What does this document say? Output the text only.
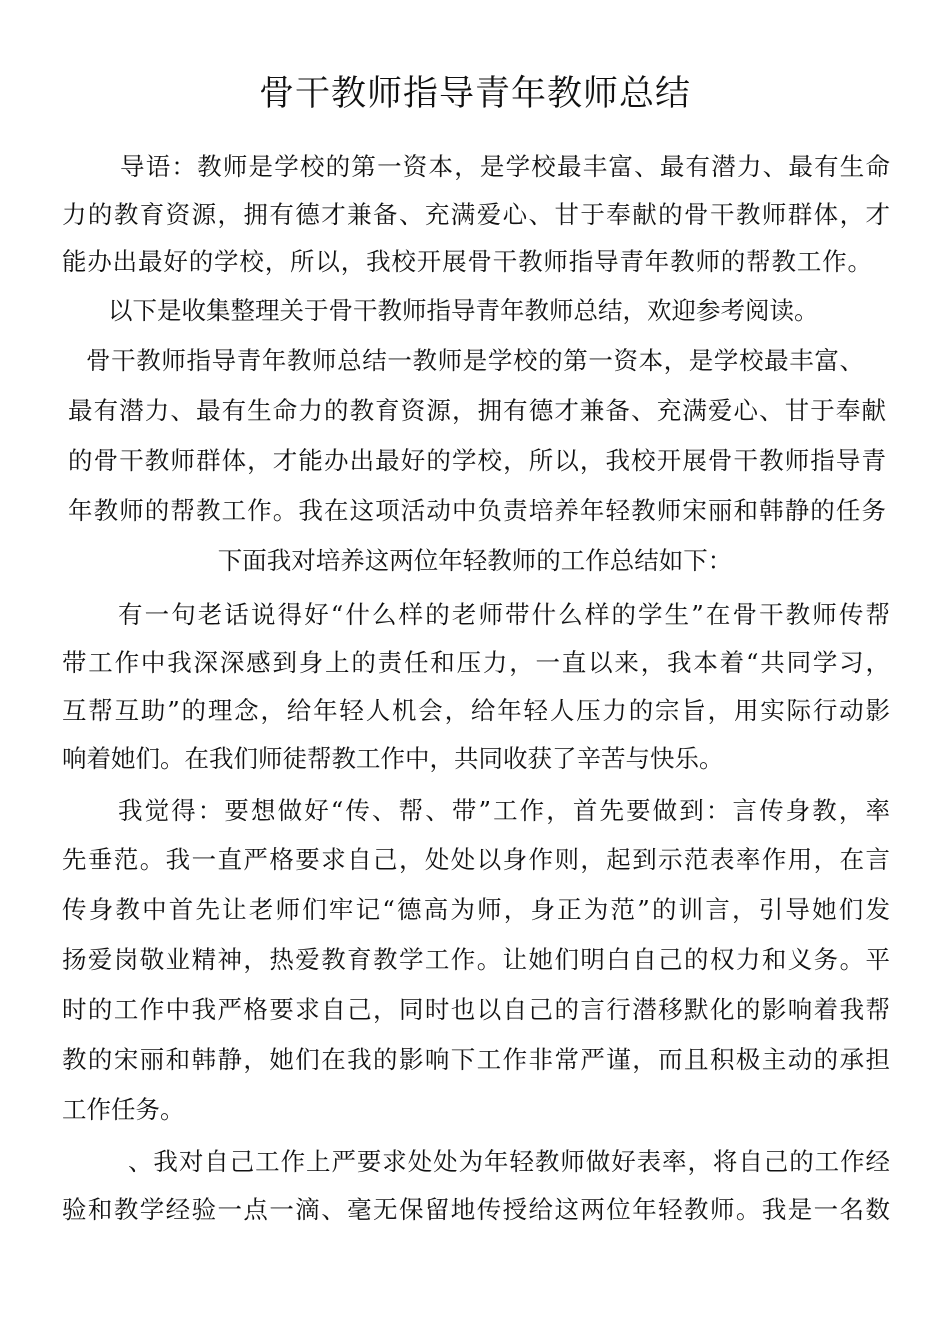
骨干教师指导青年教师总结
导语：教师是学校的第一资本，是学校最丰富、最有潜力、最有生命
力的教育资源，拥有德才兼备、充满爱心、甘于奉献的骨干教师群体，才
能办出最好的学校，所以，我校开展骨干教师指导青年教师的帮教工作。
以下是收集整理关于骨干教师指导青年教师总结，欢迎参考阅读。
骨干教师指导青年教师总结一教师是学校的第一资本，是学校最丰富、
最有潜力、最有生命力的教育资源，拥有德才兼备、充满爱心、甘于奉献
的骨干教师群体，才能办出最好的学校，所以，我校开展骨干教师指导青
年教师的帮教工作。我在这项活动中负责培养年轻教师宋丽和韩静的任务
下面我对培养这两位年轻教师的工作总结如下：
有一句老话说得好“什么样的老师带什么样的学生”在骨干教师传帮
带工作中我深深感到身上的责任和压力，一直以来，我本着“共同学习，
互帮互助”的理念，给年轻人机会，给年轻人压力的宗旨，用实际行动影
响着她们。在我们师徒帮教工作中，共同收获了辛苦与快乐。
我觉得：要想做好“传、帮、带”工作，首先要做到：言传身教，率
先垂范。我一直严格要求自己，处处以身作则，起到示范表率作用，在言
传身教中首先让老师们牢记“德高为师，身正为范”的训言，引导她们发
扬爱岗敬业精神，热爱教育教学工作。让她们明白自己的权力和义务。平
时的工作中我严格要求自己，同时也以自己的言行潜移默化的影响着我帮
教的宋丽和韩静，她们在我的影响下工作非常严谨，而且积极主动的承担
工作任务。
、我对自己工作上严要求处处为年轻教师做好表率，将自己的工作经
验和教学经验一点一滴、毫无保留地传授给这两位年轻教师。我是一名数
